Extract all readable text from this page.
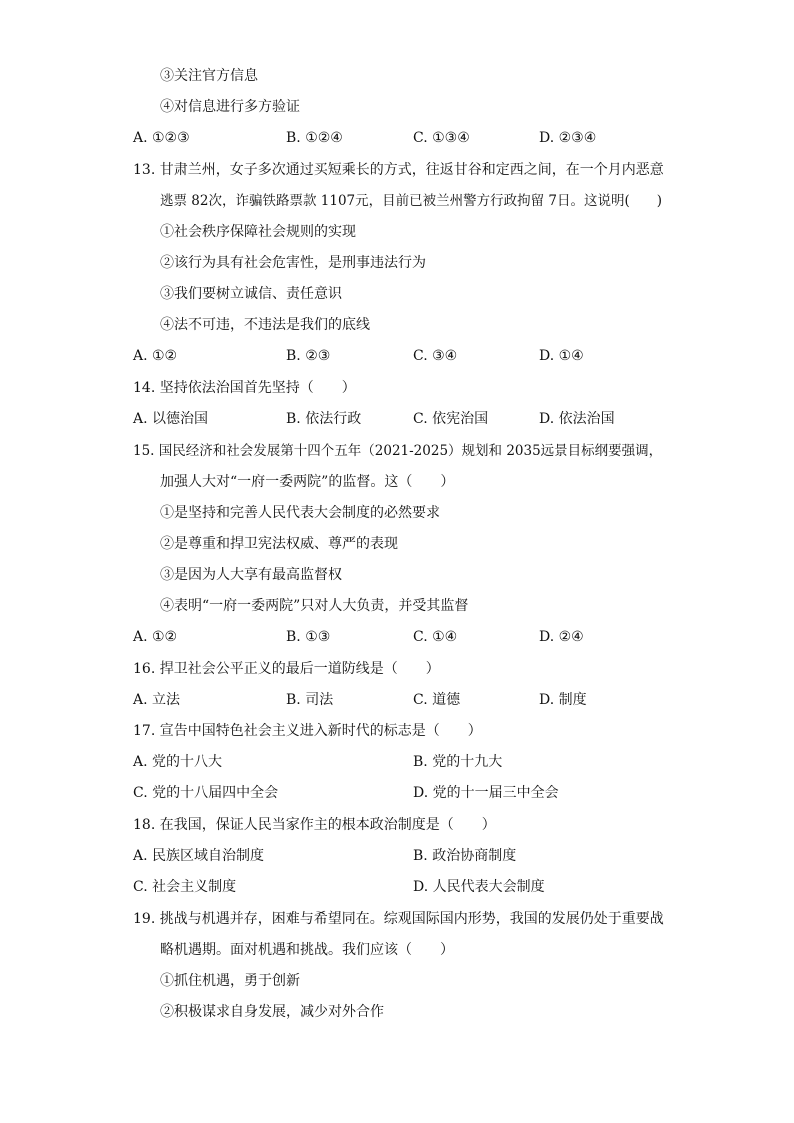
③关注官方信息
④对信息进行多方验证
A. ①②③	B. ①②④	C. ①③④	D. ②③④
13. 甘肃兰州，女子多次通过买短乘长的方式，往返甘谷和定西之间，在一个月内恶意
逃票 82次，诈骗铁路票款 1107元，目前已被兰州警方行政拘留 7日。这说明(　　)
①社会秩序保障社会规则的实现
②该行为具有社会危害性，是刑事违法行为
③我们要树立诚信、责任意识
④法不可违，不违法是我们的底线
A. ①②	B. ②③	C. ③④	D. ①④
14. 坚持依法治国首先坚持（　　）
A. 以德治国	B. 依法行政	C. 依宪治国	D. 依法治国
15. 国民经济和社会发展第十四个五年（2021-2025）规划和 2035远景目标纲要强调，
加强人大对“一府一委两院”的监督。这（　　）
①是坚持和完善人民代表大会制度的必然要求
②是尊重和捍卫宪法权威、尊严的表现
③是因为人大享有最高监督权
④表明“一府一委两院”只对人大负责，并受其监督
A. ①②	B. ①③	C. ①④	D. ②④
16. 捍卫社会公平正义的最后一道防线是（　　）
A. 立法	B. 司法	C. 道德	D. 制度
17. 宣告中国特色社会主义进入新时代的标志是（　　）
A. 党的十八大	B. 党的十九大
C. 党的十八届四中全会	D. 党的十一届三中全会
18. 在我国，保证人民当家作主的根本政治制度是（　　）
A. 民族区域自治制度	B. 政治协商制度
C. 社会主义制度	D. 人民代表大会制度
19. 挑战与机遇并存，困难与希望同在。综观国际国内形势，我国的发展仍处于重要战
略机遇期。面对机遇和挑战。我们应该（　　）
①抓住机遇，勇于创新
②积极谋求自身发展，减少对外合作
